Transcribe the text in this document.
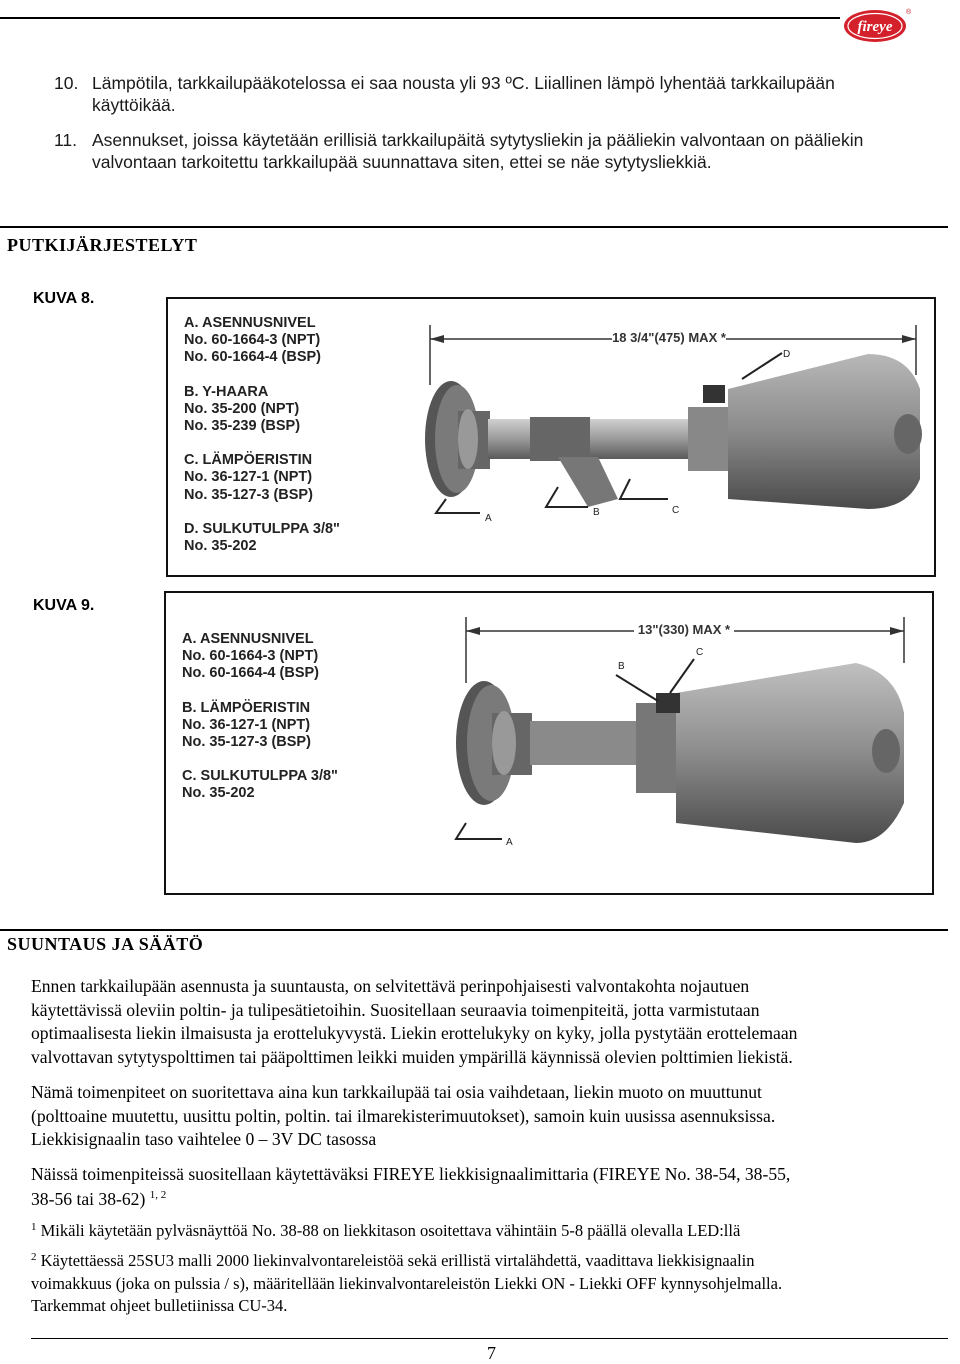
fireye
®
10. Lämpötila, tarkkailupääkotelossa ei saa nousta yli 93 ºC. Liiallinen lämpö lyhentää tarkkailupään
käyttöikää.
11. Asennukset, joissa käytetään erillisiä tarkkailupäitä sytytysliekin ja pääliekin valvontaan on pääliekin
valvontaan tarkoitettu tarkkailupää suunnattava siten, ettei se näe sytytysliekkiä.
PUTKIJÄRJESTELYT
KUVA 8.
A. ASENNUSNIVEL
No. 60-1664-3 (NPT)
No. 60-1664-4 (BSP)
B. Y-HAARA
No. 35-200 (NPT)
No. 35-239 (BSP)
C. LÄMPÖERISTIN
No. 36-127-1 (NPT)
No. 35-127-3 (BSP)
D. SULKUTULPPA 3/8"
No. 35-202
18 3/4"(475) MAX *
A
B	C
D
KUVA 9.
A. ASENNUSNIVEL
No. 60-1664-3 (NPT)
No. 60-1664-4 (BSP)
B. LÄMPÖERISTIN
No. 36-127-1 (NPT)
No. 35-127-3 (BSP)
C. SULKUTULPPA 3/8"
No. 35-202
13"(330) MAX *
A
B
C
SUUNTAUS JA SÄÄTÖ
Ennen tarkkailupään asennusta ja suuntausta, on selvitettävä perinpohjaisesti valvontakohta nojautuen
käytettävissä oleviin poltin- ja tulipesätietoihin. Suositellaan seuraavia toimenpiteitä, jotta varmistutaan
optimaalisesta liekin ilmaisusta ja erottelukyvystä. Liekin erottelukyky on kyky, jolla pystytään erottelemaan
valvottavan sytytyspolttimen tai pääpolttimen leikki muiden ympärillä käynnissä olevien polttimien liekistä.
Nämä toimenpiteet on suoritettava aina kun tarkkailupää tai osia vaihdetaan, liekin muoto on muuttunut
(polttoaine muutettu, uusittu poltin, poltin. tai ilmarekisterimuutokset), samoin kuin uusissa asennuksissa.
Liekkisignaalin taso vaihtelee 0 – 3V DC tasossa
Näissä toimenpiteissä suositellaan käytettäväksi FIREYE liekkisignaalimittaria (FIREYE No. 38-54, 38-55,
38-56 tai 38-62) $^{1, 2}$
$^1$ Mikäli käytetään pylväsnäyttöä No. 38-88 on liekkitason osoitettava vähintäin 5-8 päällä olevalla LED:llä
$^2$ Käytettäessä 25SU3 malli 2000 liekinvalvontareleistöä sekä erillistä virtalähdettä, vaadittava liekkisignaalin
voimakkuus (joka on pulssia / s), määritellään liekinvalvontareleistön Liekki ON - Liekki OFF kynnysohjelmalla.
Tarkemmat ohjeet bulletiinissa CU-34.
7
